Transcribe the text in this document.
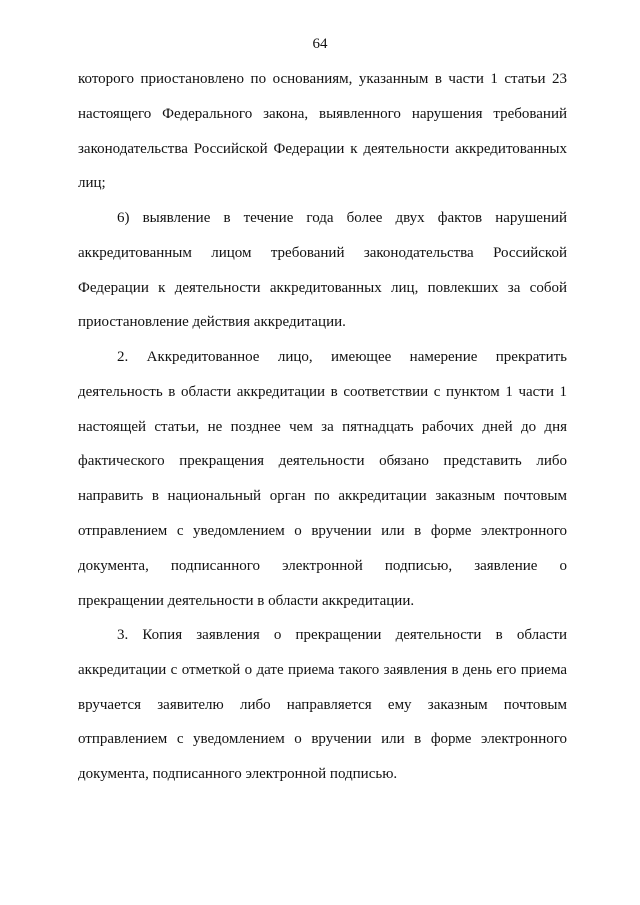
64
которого приостановлено по основаниям, указанным в части 1 статьи 23
настоящего Федерального закона, выявленного нарушения требований
законодательства Российской Федерации к деятельности аккредитованных
лиц;
6) выявление в течение года более двух фактов нарушений
аккредитованным лицом требований законодательства Российской
Федерации к деятельности аккредитованных лиц, повлекших за собой
приостановление действия аккредитации.
2. Аккредитованное лицо, имеющее намерение прекратить
деятельность в области аккредитации в соответствии с пунктом 1 части 1
настоящей статьи, не позднее чем за пятнадцать рабочих дней до дня
фактического прекращения деятельности обязано представить либо
направить в национальный орган по аккредитации заказным почтовым
отправлением с уведомлением о вручении или в форме электронного
документа, подписанного электронной подписью, заявление о
прекращении деятельности в области аккредитации.
3. Копия заявления о прекращении деятельности в области
аккредитации с отметкой о дате приема такого заявления в день его приема
вручается заявителю либо направляется ему заказным почтовым
отправлением с уведомлением о вручении или в форме электронного
документа, подписанного электронной подписью.
